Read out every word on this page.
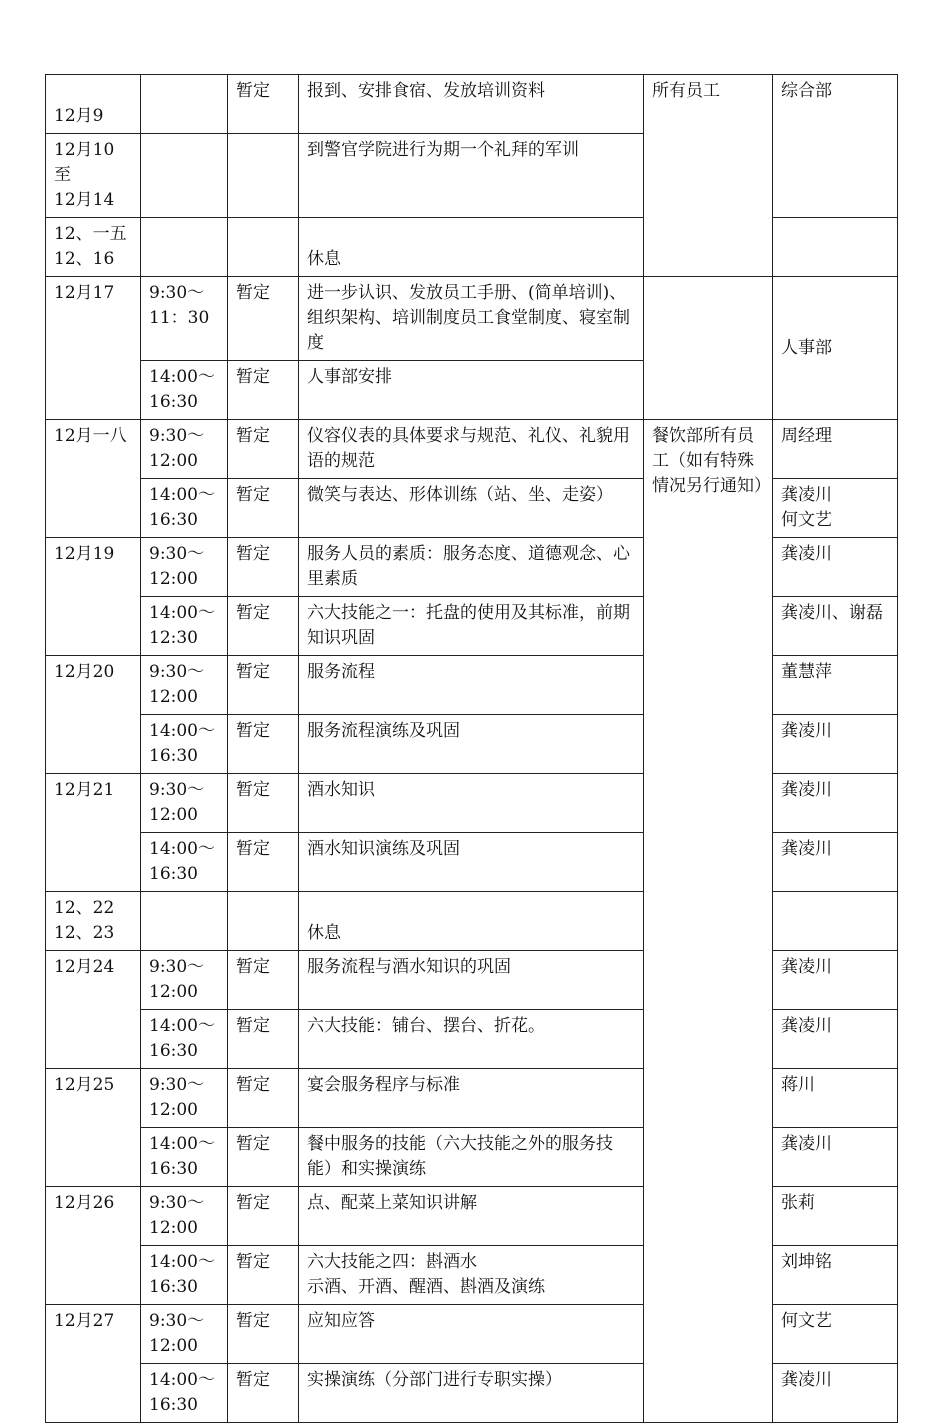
12月9		暂定	报到、安排食宿、发放培训资料	所有员工	综合部
12月10
至
12月14			到警官学院进行为期一个礼拜的军训		
12、一五
12、16			休息		
12月17	9:30～
11：30	暂定	进一步认识、发放员工手册、(简单培训)、组织架构、培训制度员工食堂制度、寝室制度		人事部
	14:00～
16:30	暂定	人事部安排		
12月一八	9:30～
12:00	暂定	仪容仪表的具体要求与规范、礼仪、礼貌用语的规范	餐饮部所有员工（如有特殊情况另行通知）	周经理
	14:00～
16:30	暂定	微笑与表达、形体训练（站、坐、走姿）		龚凌川
何文艺
12月19	9:30～
12:00	暂定	服务人员的素质：服务态度、道德观念、心里素质		龚凌川
	14:00～
12:30	暂定	六大技能之一：托盘的使用及其标准，前期 知识巩固		龚凌川、谢磊
12月20	9:30～
12:00	暂定	服务流程		董慧萍
	14:00～
16:30	暂定	服务流程演练及巩固		龚凌川
12月21	9:30～
12:00	暂定	酒水知识		龚凌川
	14:00～
16:30	暂定	酒水知识演练及巩固		龚凌川
12、22
12、23			休息		
12月24	9:30～
12:00	暂定	服务流程与酒水知识的巩固		龚凌川
	14:00～
16:30	暂定	六大技能：铺台、摆台、折花。		龚凌川
12月25	9:30～
12:00	暂定	宴会服务程序与标准		蒋川
	14:00～
16:30	暂定	餐中服务的技能（六大技能之外的服务技能）和实操演练		龚凌川
12月26	9:30～
12:00	暂定	点、配菜上菜知识讲解		张莉
	14:00～
16:30	暂定	六大技能之四：斟酒水
示酒、开酒、醒酒、斟酒及演练		刘坤铭
12月27	9:30～
12:00	暂定	应知应答		何文艺
	14:00～
16:30	暂定	实操演练（分部门进行专职实操）		龚凌川
